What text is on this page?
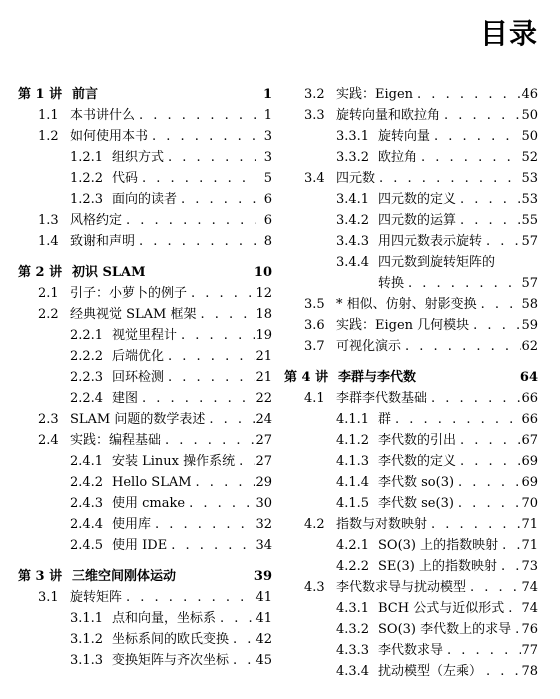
目录
第 1 讲 前言	1
1.1 本书讲什么 . . .	1
1.2 如何使用本书 . . .	3
1.2.1 组织方式 . . .	3
1.2.2 代码 . . .	5
1.2.3 面向的读者 . . .	6
1.3 风格约定 . . .	6
1.4 致谢和声明 . . .	8
第 2 讲 初识 SLAM	10
2.1 引子：小萝卜的例子 . . .	12
2.2 经典视觉 SLAM 框架 . . .	18
2.2.1 视觉里程计 . . .	19
2.2.2 后端优化 . . .	21
2.2.3 回环检测 . . .	21
2.2.4 建图 . . .	22
2.3 SLAM 问题的数学表述 . . .	24
2.4 实践：编程基础 . . .	27
2.4.1 安装 Linux 操作系统 . . . 27
2.4.2 Hello SLAM . . .	29
2.4.3 使用 cmake . . .	30
2.4.4 使用库 . . .	32
2.4.5 使用 IDE . . .	34
第 3 讲 三维空间刚体运动	39
3.1 旋转矩阵 . . .	41
3.1.1 点和向量，坐标系 . . .	41
3.1.2 坐标系间的欧氏变换 . . . 42
3.1.3 变换矩阵与齐次坐标 . . . 45
3.2 实践：Eigen . . .	46
3.3 旋转向量和欧拉角 . . .	50
3.3.1 旋转向量 . . .	50
3.3.2 欧拉角 . . .	52
3.4 四元数 . . .	53
3.4.1 四元数的定义 . . .	53
3.4.2 四元数的运算 . . .	55
3.4.3 用四元数表示旋转 . . .	57
3.4.4 四元数到旋转矩阵的
转换 . . .	57
3.5 * 相似、仿射、射影变换 . . .	58
3.6 实践：Eigen 几何模块 . . .	59
3.7 可视化演示 . . .	62
第 4 讲 李群与李代数	64
4.1 李群李代数基础 . . .	66
4.1.1 群 . . .	66
4.1.2 李代数的引出 . . .	67
4.1.3 李代数的定义 . . .	69
4.1.4 李代数 so(3) . . .	69
4.1.5 李代数 se(3) . . .	70
4.2 指数与对数映射 . . .	71
4.2.1 SO(3) 上的指数映射 . . . 71
4.2.2 SE(3) 上的指数映射 . . . 73
4.3 李代数求导与扰动模型 . . .	74
4.3.1 BCH 公式与近似形式 . . . 74
4.3.2 SO(3) 李代数上的求导 . . . 76
4.3.3 李代数求导 . . .	77
4.3.4 扰动模型（左乘） . . .	78
